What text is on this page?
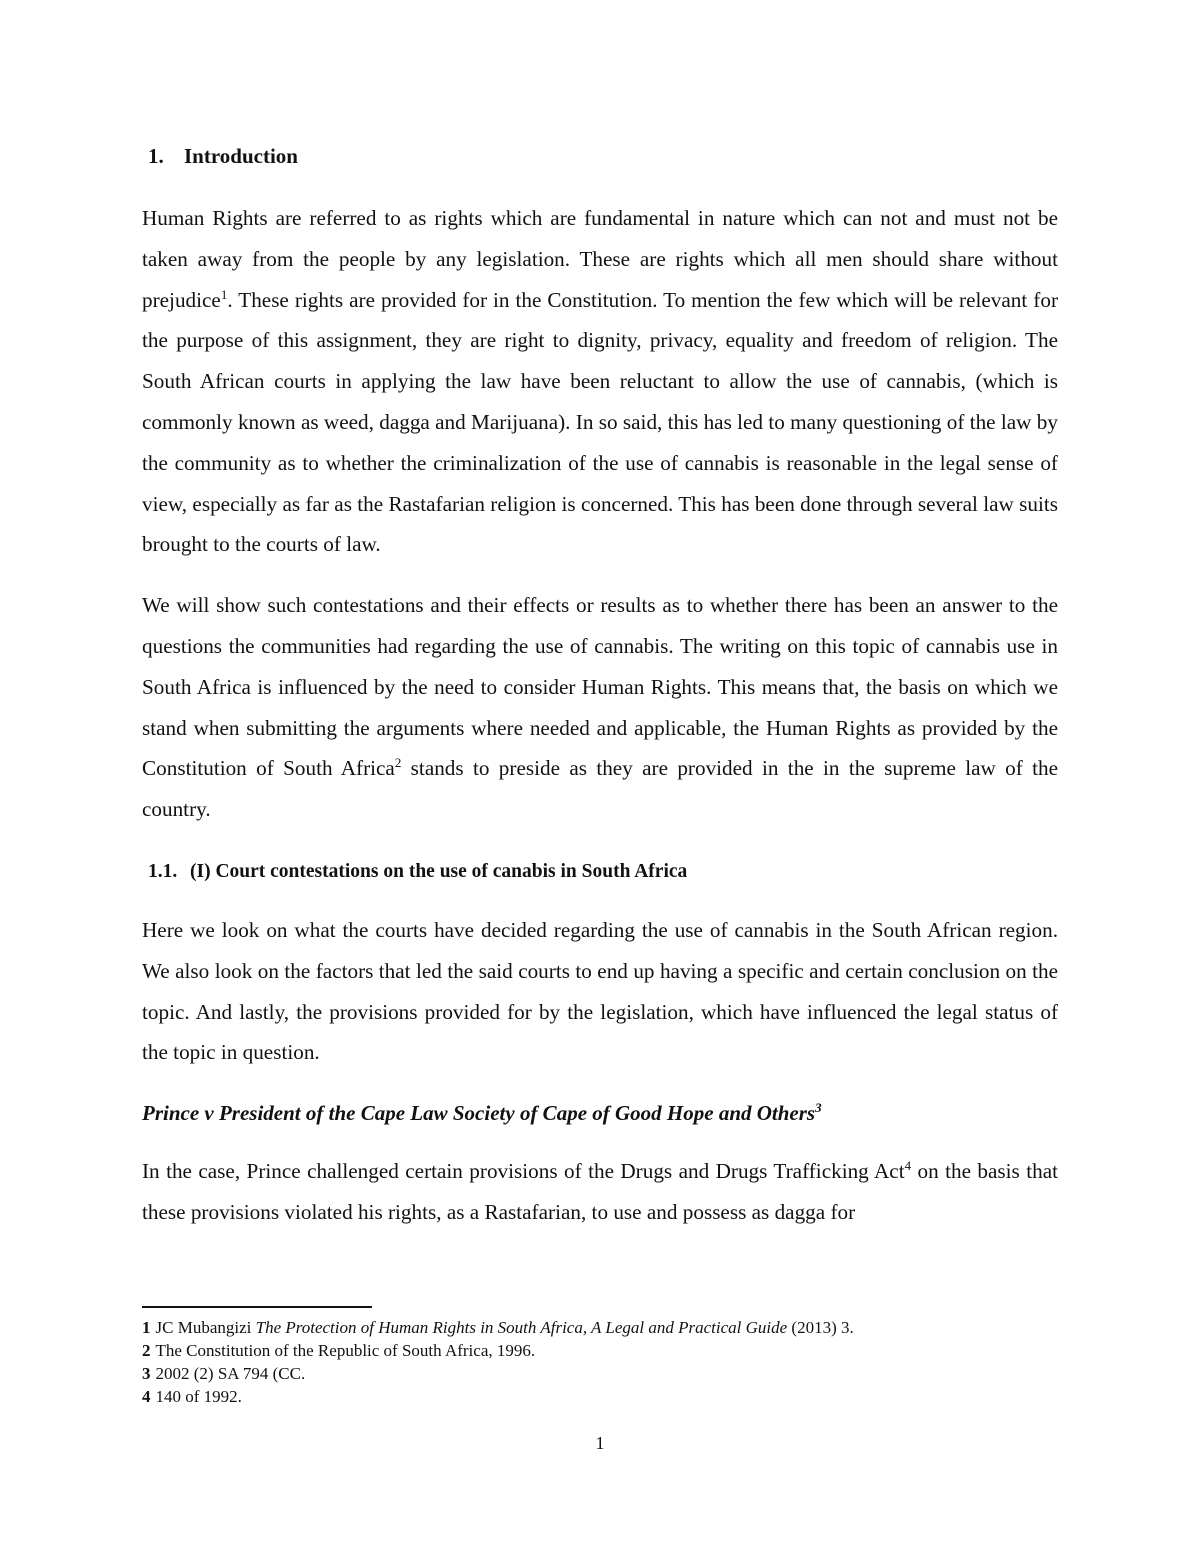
1. Introduction

Human Rights are referred to as rights which are fundamental in nature which can not and must not be taken away from the people by any legislation. These are rights which all men should share without prejudice$^1$. These rights are provided for in the Constitution. To mention the few which will be relevant for the purpose of this assignment, they are right to dignity, privacy, equality and freedom of religion. The South African courts in applying the law have been reluctant to allow the use of cannabis, (which is commonly known as weed, dagga and Marijuana). In so said, this has led to many questioning of the law by the community as to whether the criminalization of the use of cannabis is reasonable in the legal sense of view, especially as far as the Rastafarian religion is concerned. This has been done through several law suits brought to the courts of law.

We will show such contestations and their effects or results as to whether there has been an answer to the questions the communities had regarding the use of cannabis. The writing on this topic of cannabis use in South Africa is influenced by the need to consider Human Rights. This means that, the basis on which we stand when submitting the arguments where needed and applicable, the Human Rights as provided by the Constitution of South Africa$^2$ stands to preside as they are provided in the in the supreme law of the country.

1.1. (I) Court contestations on the use of canabis in South Africa

Here we look on what the courts have decided regarding the use of cannabis in the South African region. We also look on the factors that led the said courts to end up having a specific and certain conclusion on the topic. And lastly, the provisions provided for by the legislation, which have influenced the legal status of the topic in question.

Prince v President of the Cape Law Society of Cape of Good Hope and Others$^3$

In the case, Prince challenged certain provisions of the Drugs and Drugs Trafficking Act$^4$ on the basis that these provisions violated his rights, as a Rastafarian, to use and possess as dagga for

1 JC Mubangizi The Protection of Human Rights in South Africa, A Legal and Practical Guide (2013) 3.
2 The Constitution of the Republic of South Africa, 1996.
3 2002 (2) SA 794 (CC.
4 140 of 1992.
1
